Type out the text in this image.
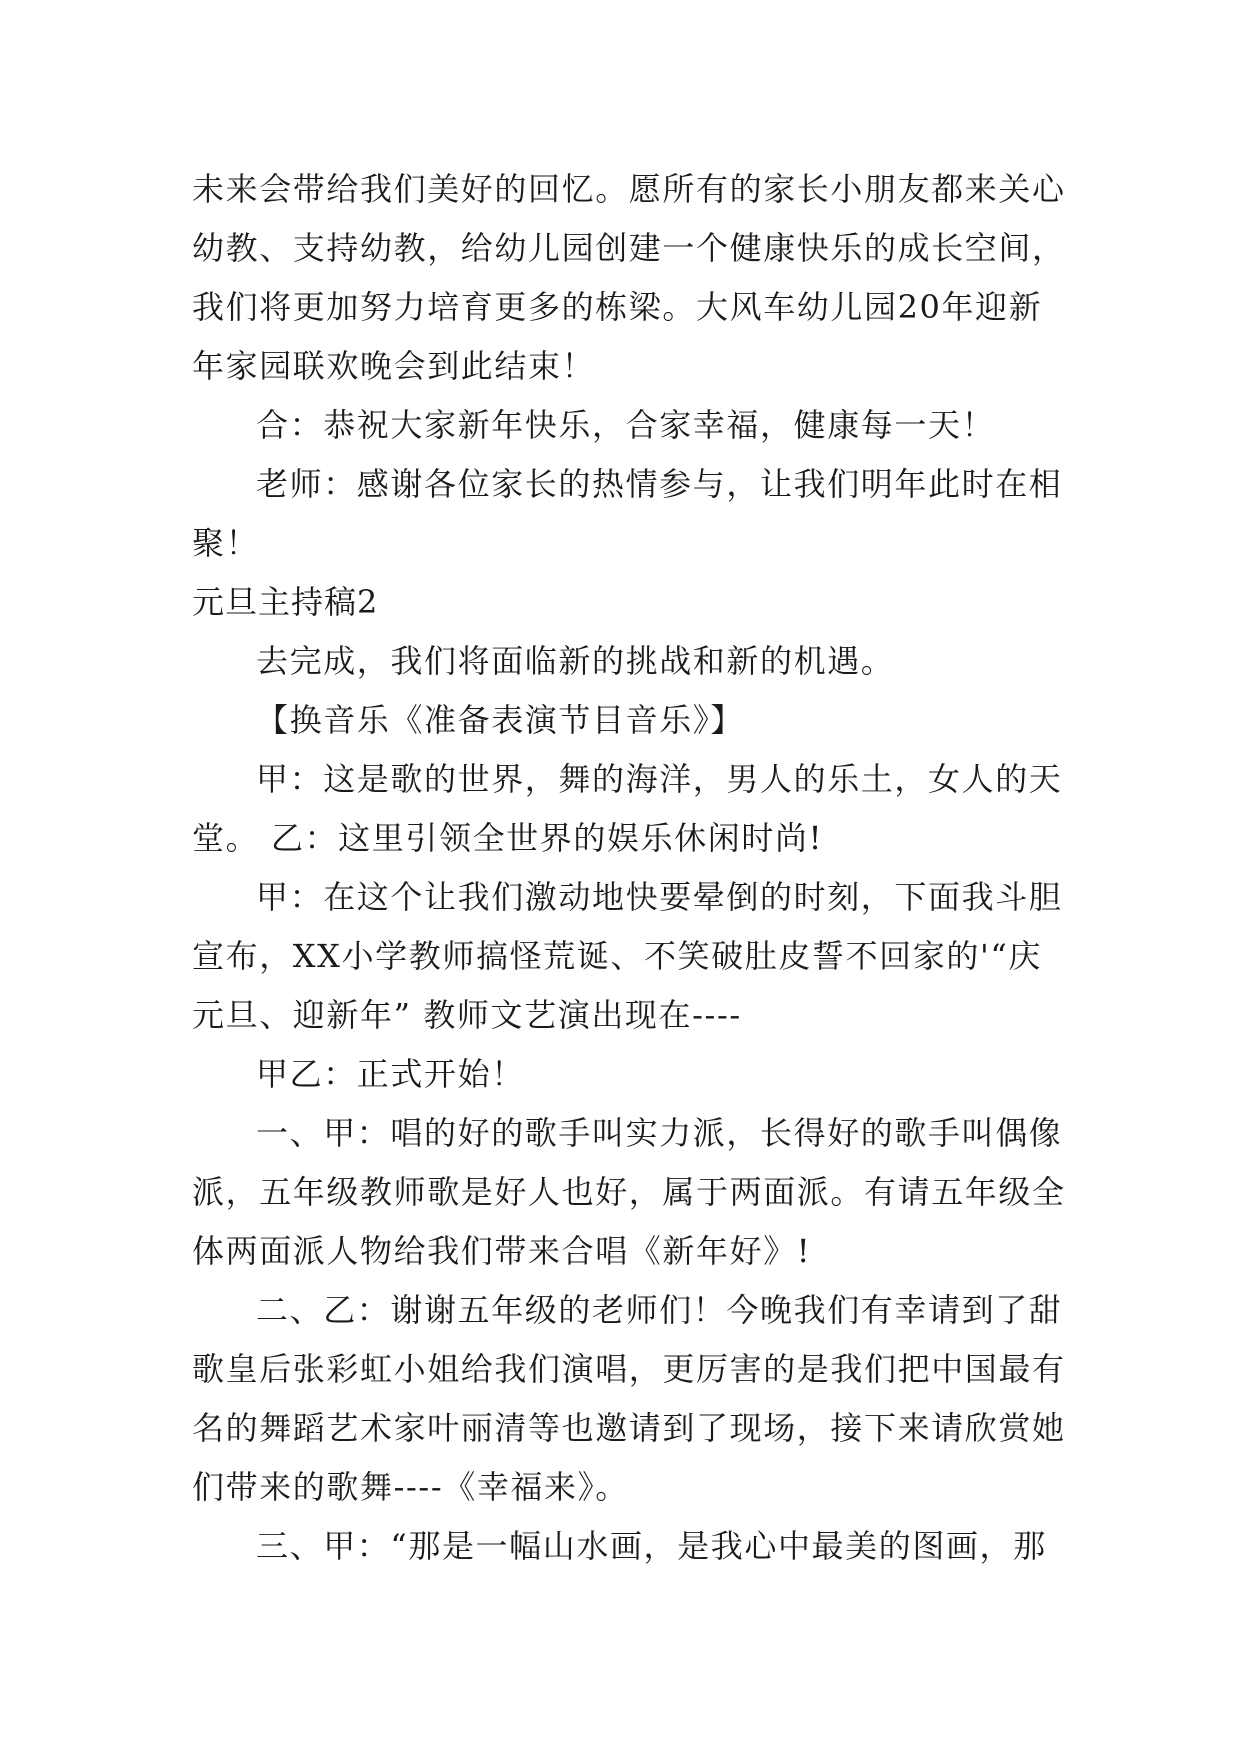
未来会带给我们美好的回忆。愿所有的家长小朋友都来关心
幼教、支持幼教，给幼儿园创建一个健康快乐的成长空间，
我们将更加努力培育更多的栋梁。大风车幼儿园20年迎新
年家园联欢晚会到此结束！
合：恭祝大家新年快乐，合家幸福，健康每一天！
老师：感谢各位家长的热情参与，让我们明年此时在相
聚！
元旦主持稿2
去完成，我们将面临新的挑战和新的机遇。
【换音乐《准备表演节目音乐》】
甲：这是歌的世界，舞的海洋，男人的乐土，女人的天
堂。 乙：这里引领全世界的娱乐休闲时尚!
甲：在这个让我们激动地快要晕倒的时刻，下面我斗胆
宣布，XX小学教师搞怪荒诞、不笑破肚皮誓不回家的'“庆
元旦、迎新年” 教师文艺演出现在----
甲乙：正式开始！
一、甲：唱的好的歌手叫实力派，长得好的歌手叫偶像
派，五年级教师歌是好人也好，属于两面派。有请五年级全
体两面派人物给我们带来合唱《新年好》!
二、乙：谢谢五年级的老师们！今晚我们有幸请到了甜
歌皇后张彩虹小姐给我们演唱，更厉害的是我们把中国最有
名的舞蹈艺术家叶丽清等也邀请到了现场，接下来请欣赏她
们带来的歌舞----《幸福来》。
三、甲：“那是一幅山水画，是我心中最美的图画，那
